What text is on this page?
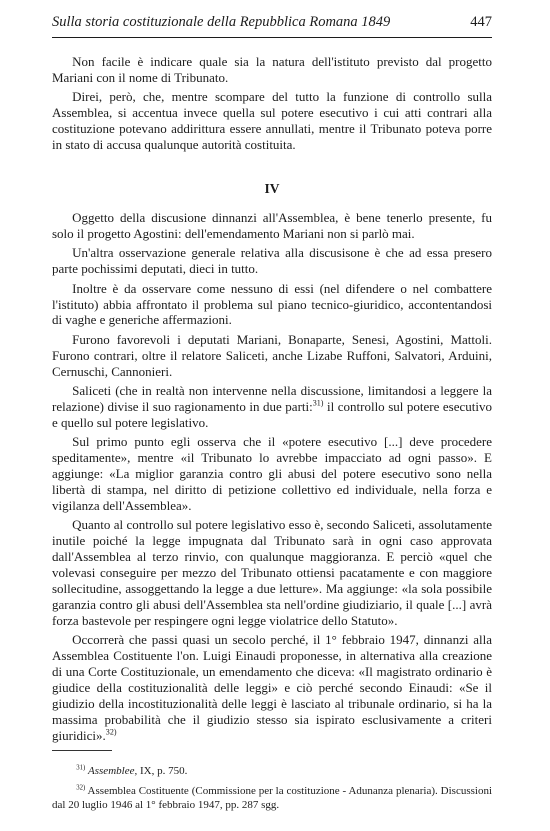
Sulla storia costituzionale della Repubblica Romana 1849	447

Non facile è indicare quale sia la natura dell'istituto previsto dal progetto Mariani con il nome di Tribunato.

Direi, però, che, mentre scompare del tutto la funzione di controllo sulla Assemblea, si accentua invece quella sul potere esecutivo i cui atti contrari alla costituzione potevano addirittura essere annullati, mentre il Tribunato poteva porre in stato di accusa qualunque autorità costituita.

IV

Oggetto della discusione dinnanzi all'Assemblea, è bene tenerlo presente, fu solo il progetto Agostini: dell'emendamento Mariani non si parlò mai.

Un'altra osservazione generale relativa alla discusisone è che ad essa presero parte pochissimi deputati, dieci in tutto.

Inoltre è da osservare come nessuno di essi (nel difendere o nel combattere l'istituto) abbia affrontato il problema sul piano tecnico-giuridico, accontentandosi di vaghe e generiche affermazioni.

Furono favorevoli i deputati Mariani, Bonaparte, Senesi, Agostini, Mattoli. Furono contrari, oltre il relatore Saliceti, anche Lizabe Ruffoni, Salvatori, Arduini, Cernuschi, Cannonieri.

Saliceti (che in realtà non intervenne nella discussione, limitandosi a leggere la relazione) divise il suo ragionamento in due parti:$^{31)}$ il controllo sul potere esecutivo e quello sul potere legislativo.

Sul primo punto egli osserva che il «potere esecutivo [...] deve procedere speditamente», mentre «il Tribunato lo avrebbe impacciato ad ogni passo». E aggiunge: «La miglior garanzia contro gli abusi del potere esecutivo sono nella libertà di stampa, nel diritto di petizione collettivo ed individuale, nella forza e vigilanza dell'Assemblea».

Quanto al controllo sul potere legislativo esso è, secondo Saliceti, assolutamente inutile poiché la legge impugnata dal Tribunato sarà in ogni caso approvata dall'Assemblea al terzo rinvio, con qualunque maggioranza. E perciò «quel che volevasi conseguire per mezzo del Tribunato ottiensi pacatamente e con maggiore sollecitudine, assoggettando la legge a due letture». Ma aggiunge: «la sola possibile garanzia contro gli abusi dell'Assemblea sta nell'ordine giudiziario, il quale [...] avrà forza bastevole per respingere ogni legge violatrice dello Statuto».

Occorrerà che passi quasi un secolo perché, il 1° febbraio 1947, dinnanzi alla Assemblea Costituente l'on. Luigi Einaudi proponesse, in alternativa alla creazione di una Corte Costituzionale, un emendamento che diceva: «Il magistrato ordinario è giudice della costituzionalità delle leggi» e ciò perché secondo Einaudi: «Se il giudizio della incostituzionalità delle leggi è lasciato al tribunale ordinario, si ha la massima probabilità che il giudizio stesso sia ispirato esclusivamente a criteri giuridici».$^{32)}$

$^{31)}$ Assemblee, IX, p. 750.

$^{32)}$ Assemblea Costituente (Commissione per la costituzione - Adunanza plenaria). Discussioni dal 20 luglio 1946 al 1° febbraio 1947, pp. 287 sgg.
